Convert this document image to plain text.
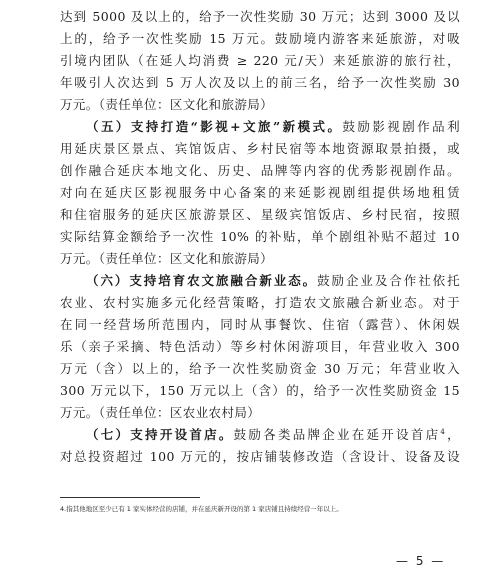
达到 5000 及以上的，给予一次性奖励 30 万元；达到 3000 及以
上的，给予一次性奖励 15 万元。鼓励境内游客来延旅游，对吸
引境内团队（在延人均消费 ≥ 220 元/天）来延旅游的旅行社，
年吸引人次达到 5 万人次及以上的前三名，给予一次性奖励 30
万元。（责任单位：区文化和旅游局）
（五）支持打造“影视+文旅”新模式。鼓励影视剧作品利
用延庆景区景点、宾馆饭店、乡村民宿等本地资源取景拍摄，或
创作融合延庆本地文化、历史、品牌等内容的优秀影视剧作品。
对向在延庆区影视服务中心备案的来延影视剧组提供场地租赁
和住宿服务的延庆区旅游景区、星级宾馆饭店、乡村民宿，按照
实际结算金额给予一次性 10% 的补贴，单个剧组补贴不超过 10
万元。（责任单位：区文化和旅游局）
（六）支持培育农文旅融合新业态。鼓励企业及合作社依托
农业、农村实施多元化经营策略，打造农文旅融合新业态。对于
在同一经营场所范围内，同时从事餐饮、住宿（露营）、休闲娱
乐（亲子采摘、特色活动）等乡村休闲游项目，年营业收入 300
万元（含）以上的，给予一次性奖励资金 30 万元；年营业收入
300 万元以下，150 万元以上（含）的，给予一次性奖励资金 15
万元。（责任单位：区农业农村局）
（七）支持开设首店。鼓励各类品牌企业在延开设首店$^4$，
对总投资超过 100 万元的，按店铺装修改造（含设计、设备及设
4.指其他地区至少已有 1 家实体经营的店铺，并在延庆新开设的第 1 家店铺且持续经营一年以上。
— 5 —
